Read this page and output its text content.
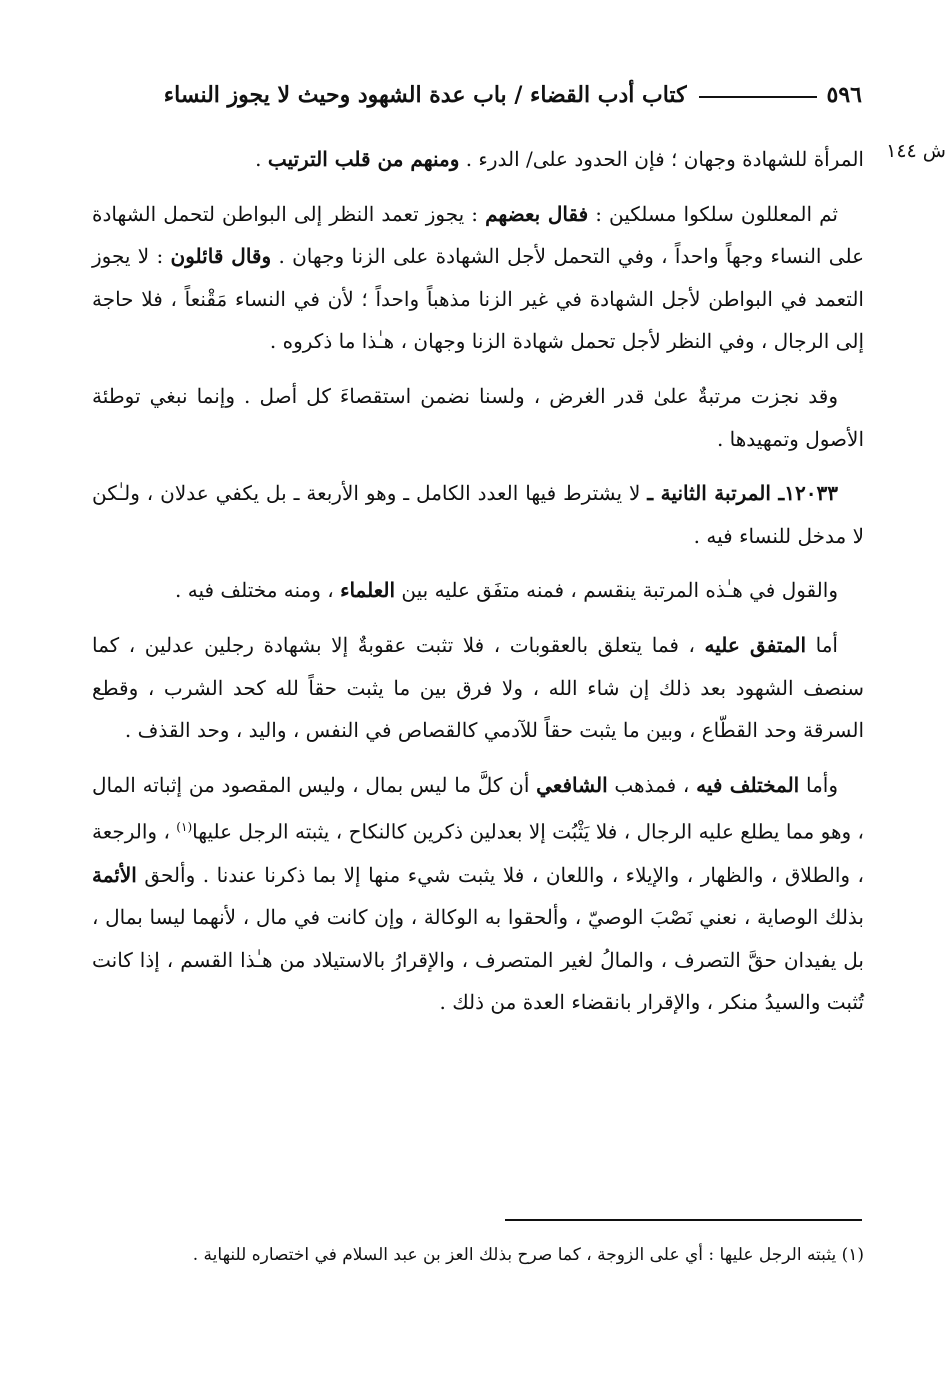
٥٩٦
كتاب أدب القضاء / باب عدة الشهود وحيث لا يجوز النساء
ش ١٤٤

المرأة للشهادة وجهان ؛ فإن الحدود على/ الدرء . ومنهم من قلب الترتيب .

ثم المعللون سلكوا مسلكين : فقال بعضهم : يجوز تعمد النظر إلى البواطن لتحمل الشهادة على النساء وجهاً واحداً ، وفي التحمل لأجل الشهادة على الزنا وجهان . وقال قائلون : لا يجوز التعمد في البواطن لأجل الشهادة في غير الزنا مذهباً واحداً ؛ لأن في النساء مَقْنعاً ، فلا حاجة إلى الرجال ، وفي النظر لأجل تحمل شهادة الزنا وجهان ، هـٰذا ما ذكروه .

وقد نجزت مرتبةٌ علىٰ قدر الغرض ، ولسنا نضمن استقصاءَ كل أصل . وإنما نبغي توطئة الأصول وتمهيدها .

١٢٠٣٣ـ المرتبة الثانية ـ لا يشترط فيها العدد الكامل ـ وهو الأربعة ـ بل يكفي عدلان ، ولـٰكن لا مدخل للنساء فيه .

والقول في هـٰذه المرتبة ينقسم ، فمنه متفَق عليه بين العلماء ، ومنه مختلف فيه .

أما المتفق عليه ، فما يتعلق بالعقوبات ، فلا تثبت عقوبةٌ إلا بشهادة رجلين عدلين ، كما سنصف الشهود بعد ذلك إن شاء الله ، ولا فرق بين ما يثبت حقاً لله كحد الشرب ، وقطع السرقة وحد القطّاع ، وبين ما يثبت حقاً للآدمي كالقصاص في النفس ، واليد ، وحد القذف .

وأما المختلف فيه ، فمذهب الشافعي أن كلَّ ما ليس بمال ، وليس المقصود من إثباته المال ، وهو مما يطلع عليه الرجال ، فلا يَثْبُت إلا بعدلين ذكرين كالنكاح ، يثبته الرجل عليها$^{(١)}$ ، والرجعة ، والطلاق ، والظهار ، والإيلاء ، واللعان ، فلا يثبت شيء منها إلا بما ذكرنا عندنا . وألحق الأئمة بذلك الوصاية ، نعني نَصْبَ الوصيّ ، وألحقوا به الوكالة ، وإن كانت في مال ، لأنهما ليسا بمال ، بل يفيدان حقَّ التصرف ، والمالُ لغير المتصرف ، والإقرارُ بالاستيلاد من هـٰذا القسم ، إذا كانت تُثبت والسيدُ منكر ، والإقرار بانقضاء العدة من ذلك .

(١) يثبته الرجل عليها : أي على الزوجة ، كما صرح بذلك العز بن عبد السلام في اختصاره للنهاية .
